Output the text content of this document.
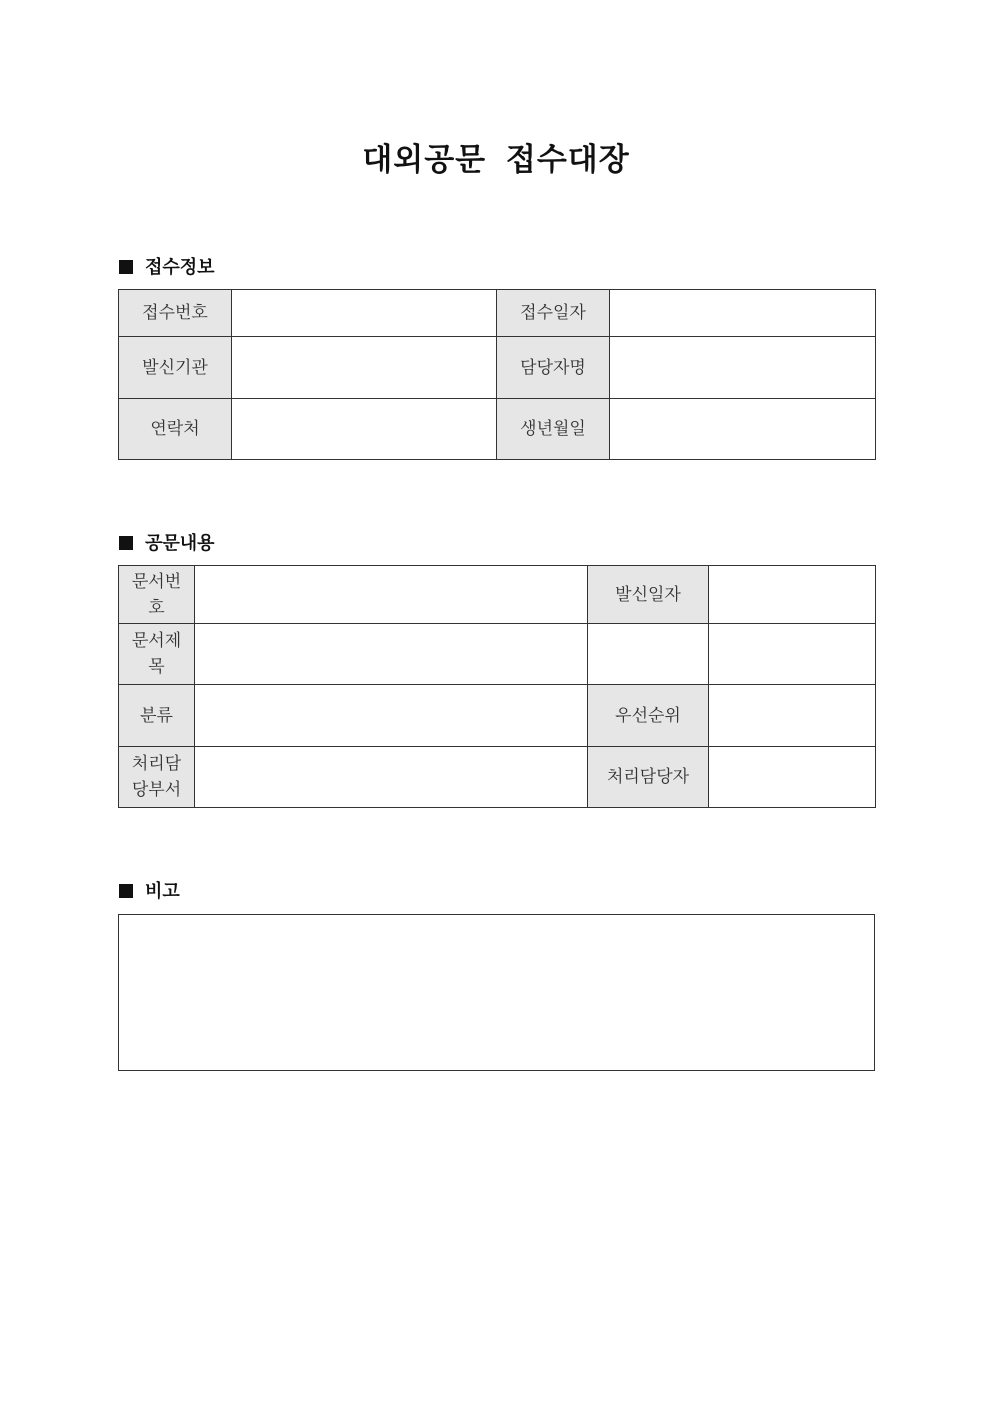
대외공문 접수대장
접수정보
접수번호		접수일자	
발신기관		담당자명	
연락처		생년월일	
공문내용
문서번호		발신일자	

문서제목			

분류		우선순위	

처리담당부서		처리담당자	
비고
